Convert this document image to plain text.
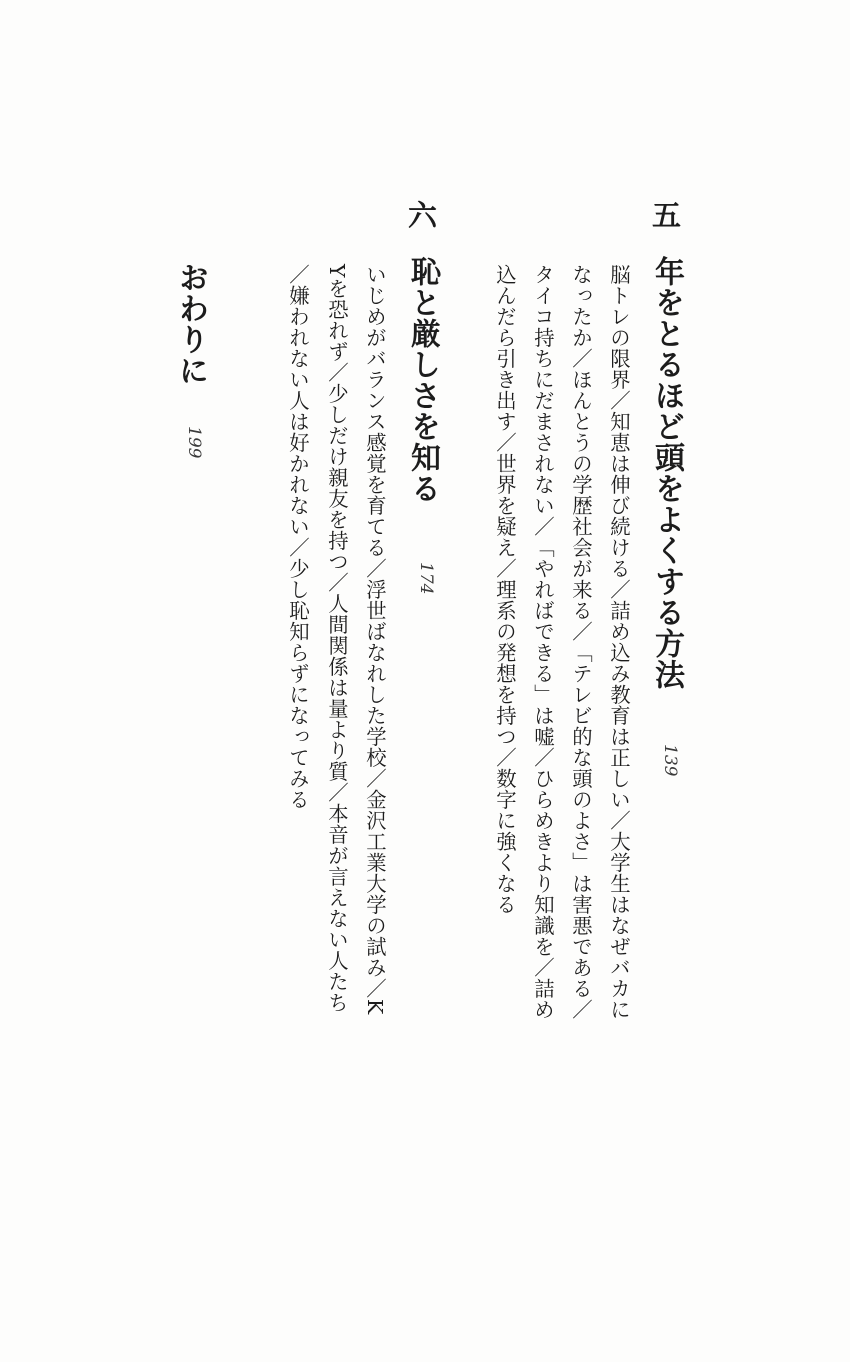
五
年をとるほど頭をよくする方法
139
脳トレの限界／知恵は伸び続ける／詰め込み教育は正しい／大学生はなぜバカに
なったか／ほんとうの学歴社会が来る／「テレビ的な頭のよさ」は害悪である／
タイコ持ちにだまされない／「やればできる」は嘘／ひらめきより知識を／詰め
込んだら引き出す／世界を疑え／理系の発想を持つ／数字に強くなる
六
恥と厳しさを知る
174
いじめがバランス感覚を育てる／浮世ばなれした学校／金沢工業大学の試み／K
Yを恐れず／少しだけ親友を持つ／人間関係は量より質／本音が言えない人たち
／嫌われない人は好かれない／少し恥知らずになってみる
おわりに
199
